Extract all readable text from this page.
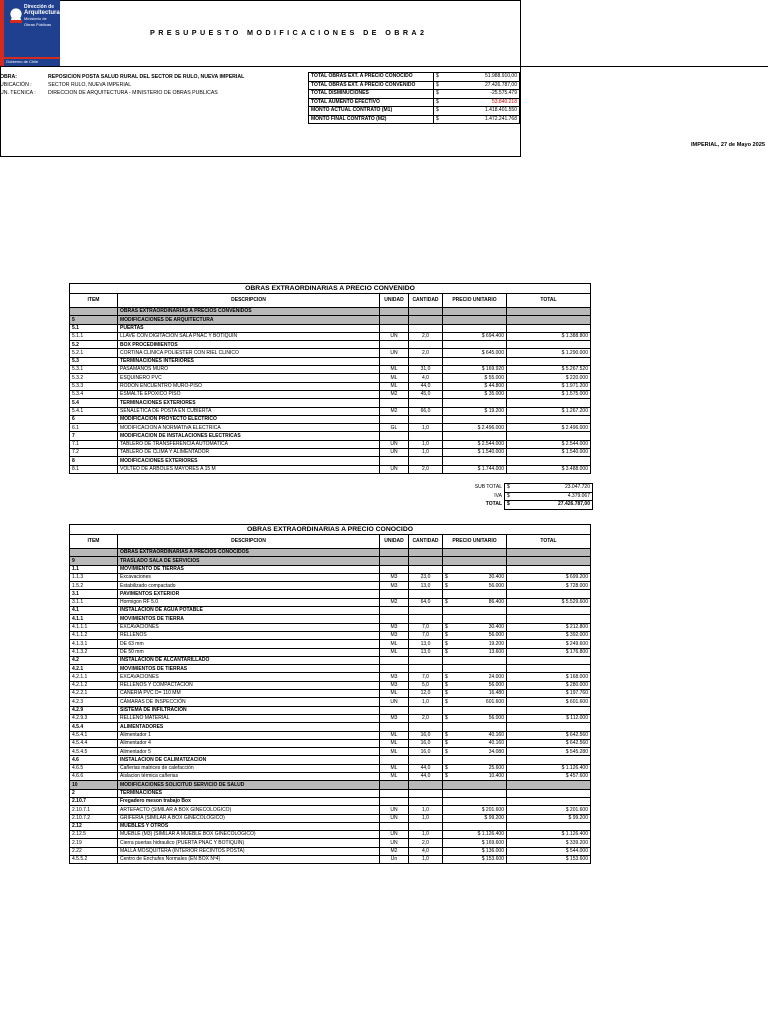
Dirección de
Arquitectura
Ministerio de
Obras Públicas
Gobierno de Chile
PRESUPUESTO MODIFICACIONES DE OBRA2
OBRA:	REPOSICION POSTA SALUD RURAL DEL SECTOR DE RULO, NUEVA IMPERIAL
UBICACIÓN :	SECTOR RULO, NUEVA IMPERIAL
UN. TECNICA : DIRECCION DE ARQUITECTURA - MINISTERIO DE OBRAS PUBLICAS
TOTAL OBRAS EXT. A PRECIO CONOCIDO	$	51.988.910,00
TOTAL OBRAS EXT. A PRECIO CONVENIDO	$	27.426.787,00
TOTAL DISMINUCIONES	$	-25.575.479
TOTAL AUMENTO EFECTIVO	$	53.840.218
MONTO ACTUAL CONTRATO (M1)	$	1.418.401.550
MONTO FINAL CONTRATO (M2)	$	1.472.241.768
IMPERIAL, 27 de Mayo 2025
OBRAS EXTRAORDINARIAS A PRECIO CONVENIDO
ITEM	DESCRIPCION	UNIDAD	CANTIDAD	PRECIO UNITARIO	TOTAL
	OBRAS EXTRAORDINARIAS A PRECIOS CONVENIDOS				
5	MODIFICACIONES DE ARQUITECTURA				
5.1	PUERTAS				
5.1.1	LLAVE CON DIGITACION SALA PNAC Y BOTIQUIN	UN	2,0	$ 694.400	$ 1.388.800
5.2	BOX PROCEDIMIENTOS				
5.2.1	CORTINA CLINICA POLIESTER CON RIEL CLINICO	UN	2,0	$ 645.000	$ 1.290.000
5.3	TERMINACIONES INTERIORES				
5.3.1	PASAMANOS MURO	ML	31,0	$ 169.920	$ 5.267.520
5.3.2	ESQUINERO PVC	ML	4,0	$ 55.000	$ 220.000
5.3.3	RODON ENCUENTRO MURO-PISO	ML	44,0	$ 44.800	$ 1.971.200
5.3.4	ESMALTE EPOXICO PISO	M2	45,0	$ 35.000	$ 1.575.000
5.4	TERMINACIONES EXTERIORES				
5.4.1	SEÑALETICA DE POSTA EN CUBIERTA	M2	66,0	$ 19.200	$ 1.267.200
6	MODIFICACION PROYECTO ELECTRICO				
6.1	MODIFICACION A NORMATIVA ELECTRICA	GL	1,0	$ 2.496.000	$ 2.496.000
7	MODIFICACION DE INSTALACIONES ELECTRICAS				
7.1	TABLERO DE TRANSFERENCIA AUTOMATICA	UN	1,0	$ 2.544.000	$ 2.544.000
7.2	TABLERO DE CLIMA Y ALIMENTADOR	UN	1,0	$ 1.540.000	$ 1.540.000
8	MODIFICACIONES EXTERIORES				
8.1	VOLTEO DE ARBOLES MAYORES A 15 M	UN	2,0	$ 1.744.000	$ 3.488.000
SUB TOTAL	$	23.047.720
IVA	$	4.379.067
TOTAL	$	27.426.787,00
OBRAS EXTRAORDINARIAS A PRECIO CONOCIDO
ITEM	DESCRIPCION	UNIDAD	CANTIDAD	PRECIO UNITARIO	TOTAL
	OBRAS EXTRAORDINARIAS A PRECIOS CONOCIDOS				
9	TRASLADO SALA DE SERVICIOS				
1.1	MOVIMIENTO DE TIERRAS				
1.1.3	Excavaciones	M3	23,0	$ 30.400	$ 699.200
1.5.2	Estabilizado compactado	M3	13,0	$ 56.000	$ 728.000
3.1	PAVIMENTOS EXTERIOR				
3.1.1	Hormigon RF 5.0	M2	64,0	$ 86.400	$ 5.529.600
4.1	INSTALACION DE AGUA POTABLE				
4.1.1	MOVIMIENTOS DE TIERRA				
4.1.1.1	EXCAVACIONES	M3	7,0	$ 30.400	$ 212.800
4.1.1.2	RELLENOS	M3	7,0	$ 56.000	$ 392.000
4.1.3.1	DE 63 mm	ML	13,0	$ 19.200	$ 249.600
4.1.3.2	DE 50 mm	ML	13,0	$ 13.600	$ 176.800
4.2	INSTALACION DE ALCANTARILLADO				
4.2.1	MOVIMIENTOS DE TIERRAS				
4.2.1.1	EXCAVACIONES	M3	7,0	$ 24.000	$ 168.000
4.2.1.2	RELLENOS Y COMPACTACIÓN	M3	5,0	$ 56.000	$ 280.000
4.2.2.1	CAÑERÍA PVC D= 110 MM	ML	12,0	$ 16.480	$ 197.760
4.2.3	CÁMARAS DE INSPECCIÓN	UN	1,0	$ 601.600	$ 601.600
4.2.9	SISTEMA DE INFILTRACION				
4.2.9.3	RELLENO MATERIAL	M3	2,0	$ 56.000	$ 112.000
4.5.4	ALIMENTADORES				
4.5.4.1	Alimentador 1	ML	16,0	$ 40.160	$ 642.560
4.5.4.4	Alimentador 4	ML	16,0	$ 40.160	$ 642.560
4.5.4.5	Alimentador 5	ML	16,0	$ 34.080	$ 545.280
4.6	INSTALACION DE CALIMATIZACION				
4.6.5	Cañerias matrices de calefacción	ML	44,0	$ 25.600	$ 1.126.400
4.6.6	Aislacion térmica cañerias	ML	44,0	$ 10.400	$ 457.600
10	MODIFICACIONES SOLICITUD SERVICIO DE SALUD				
2	TERMINACIONES				
2.10.7	Fregadero meson trabajo Box				
2.10.7.1	ARTEFACTO (SIMILAR A BOX GINECOLOGICO)	UN	1,0	$ 201.600	$ 201.600
2.10.7.2	GRIFERIA (SIMILAR A BOX GINECOLOGICO)	UN	1,0	$ 99.200	$ 99.200
2.12	MUEBLES Y OTROS				
2.12.5	MUEBLE (M3) (SIMILAR A MUEBLE BOX GINECOLOGICO)	UN	1,0	$ 1.126.400	$ 1.126.400
2.19	Cierra puertas hidraulico (PUERTA PNAC Y BOTIQUIN)	UN	2,0	$ 169.600	$ 339.200
2.22	MALLA MOSQUITERA (INTERIOR RECINTOS POSTA)	M2	4,0	$ 136.000	$ 544.000
4.5.5.2	Centro de Enchufes Normales (EN BOX Nº4)	Un	1,0	$ 153.600	$ 153.600
